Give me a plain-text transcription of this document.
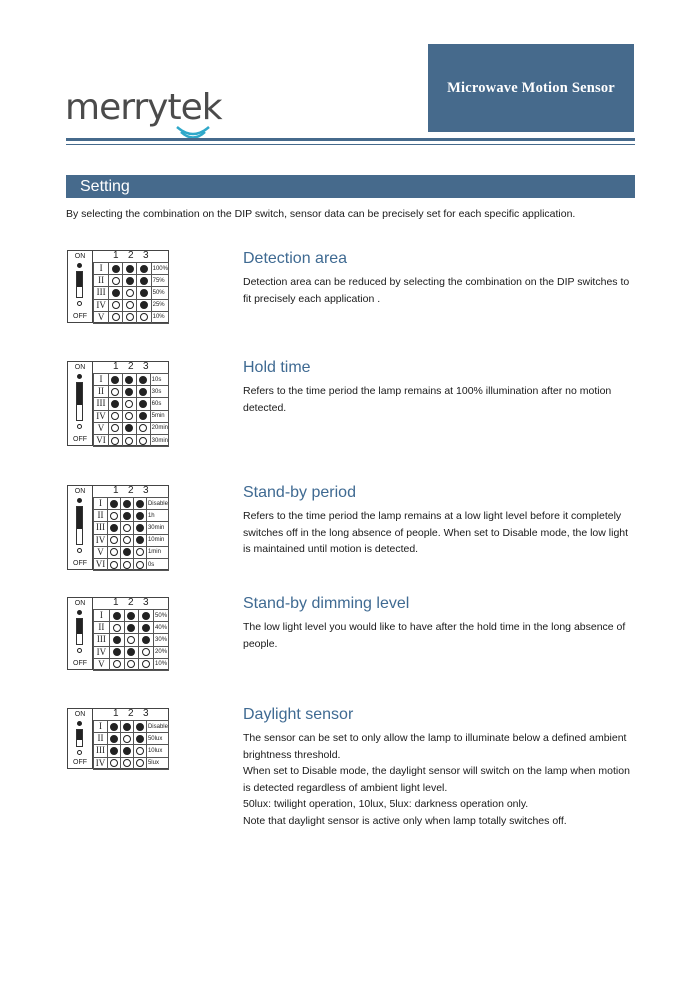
merrytek	Microwave Motion Sensor
Setting
By selecting the combination on the DIP switch, sensor data can be precisely set for each specific application.
Detection area

Detection area can be reduced by selecting the combination on the DIP switches to fit precisely each application .

ON
OFF
1 2 3
I				100%
II				75%
III				50%
IV				25%
V				10%
Hold time

Refers to the time period the lamp remains at 100% illumination after no motion detected.

ON
OFF
1 2 3
I				10s
II				30s
III				60s
IV				5min
V				20min
VI				30min
Stand-by period

Refers to the time period the lamp remains at a low light level before it completely switches off in the long absence of people. When set to Disable mode, the low light is maintained until motion is detected.

ON
OFF
1 2 3
I				Disable
II				1h
III				30min
IV				10min
V				1min
VI				0s
Stand-by dimming level

The low light level you would like to have after the hold time in the long absence of people.

ON
OFF
1 2 3
I				50%
II				40%
III				30%
IV				20%
V				10%
Daylight sensor

The sensor can be set to only allow the lamp to illuminate below a defined ambient brightness threshold.

When set to Disable mode, the daylight sensor will switch on the lamp when motion is detected regardless of ambient light level.

50lux: twilight operation, 10lux, 5lux: darkness operation only.

Note that daylight sensor is active only when lamp totally switches off.

ON
OFF
1 2 3
I				Disable
II				50lux
III				10lux
IV				5lux
